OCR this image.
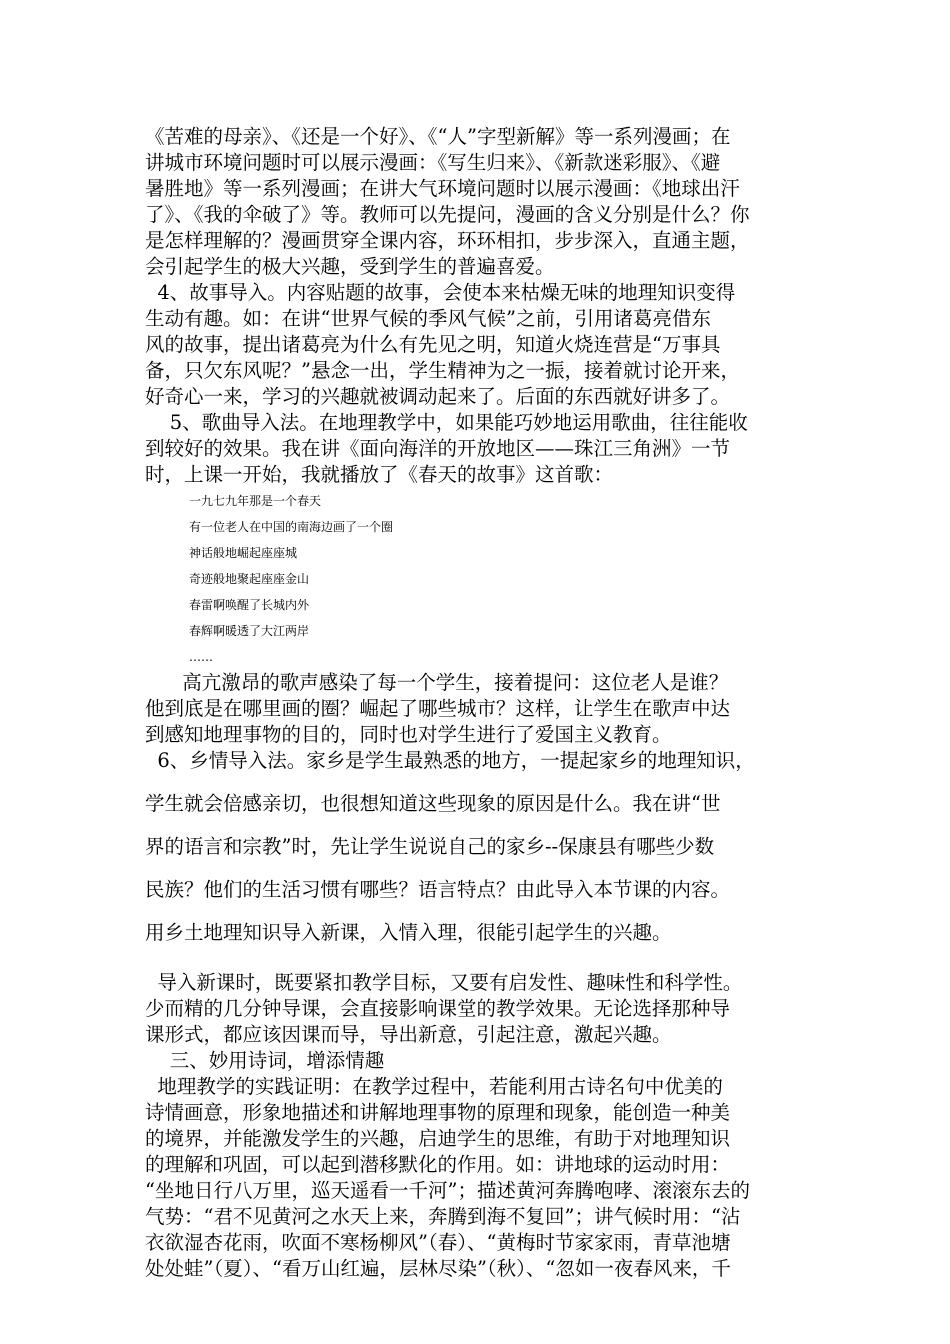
《苦难的母亲》、《还是一个好》、《“人”字型新解》等一系列漫画；在
讲城市环境问题时可以展示漫画：《写生归来》、《新款迷彩服》、《避
暑胜地》等一系列漫画；在讲大气环境问题时以展示漫画：《地球出汗
了》、《我的伞破了》等。教师可以先提问，漫画的含义分别是什么？你
是怎样理解的？漫画贯穿全课内容，环环相扣，步步深入，直通主题，
会引起学生的极大兴趣，受到学生的普遍喜爱。
4、故事导入。内容贴题的故事，会使本来枯燥无味的地理知识变得
生动有趣。如：在讲“世界气候的季风气候”之前，引用诸葛亮借东
风的故事，提出诸葛亮为什么有先见之明，知道火烧连营是“万事具
备，只欠东风呢？”悬念一出，学生精神为之一振，接着就讨论开来，
好奇心一来，学习的兴趣就被调动起来了。后面的东西就好讲多了。
5、歌曲导入法。在地理教学中，如果能巧妙地运用歌曲，往往能收
到较好的效果。我在讲《面向海洋的开放地区——珠江三角洲》一节
时，上课一开始，我就播放了《春天的故事》这首歌：
一九七九年那是一个春天
有一位老人在中国的南海边画了一个圈
神话般地崛起座座城
奇迹般地聚起座座金山
春雷啊唤醒了长城内外
春辉啊暖透了大江两岸
……
高亢激昂的歌声感染了每一个学生，接着提问：这位老人是谁？
他到底是在哪里画的圈？崛起了哪些城市？这样，让学生在歌声中达
到感知地理事物的目的，同时也对学生进行了爱国主义教育。
6、乡情导入法。家乡是学生最熟悉的地方，一提起家乡的地理知识，
学生就会倍感亲切，也很想知道这些现象的原因是什么。我在讲“世
界的语言和宗教”时，先让学生说说自己的家乡--保康县有哪些少数
民族？他们的生活习惯有哪些？语言特点？由此导入本节课的内容。
用乡土地理知识导入新课，入情入理，很能引起学生的兴趣。
导入新课时，既要紧扣教学目标，又要有启发性、趣味性和科学性。
少而精的几分钟导课，会直接影响课堂的教学效果。无论选择那种导
课形式，都应该因课而导，导出新意，引起注意，激起兴趣。
三、妙用诗词，增添情趣
地理教学的实践证明：在教学过程中，若能利用古诗名句中优美的
诗情画意，形象地描述和讲解地理事物的原理和现象，能创造一种美
的境界，并能激发学生的兴趣，启迪学生的思维，有助于对地理知识
的理解和巩固，可以起到潜移默化的作用。如：讲地球的运动时用：
“坐地日行八万里，巡天遥看一千河”；描述黄河奔腾咆哮、滚滚东去的
气势：“君不见黄河之水天上来，奔腾到海不复回”；讲气候时用：“沾
衣欲湿杏花雨，吹面不寒杨柳风”（春）、“黄梅时节家家雨，青草池塘
处处蛙”（夏）、“看万山红遍，层林尽染”（秋）、“忽如一夜春风来，千
